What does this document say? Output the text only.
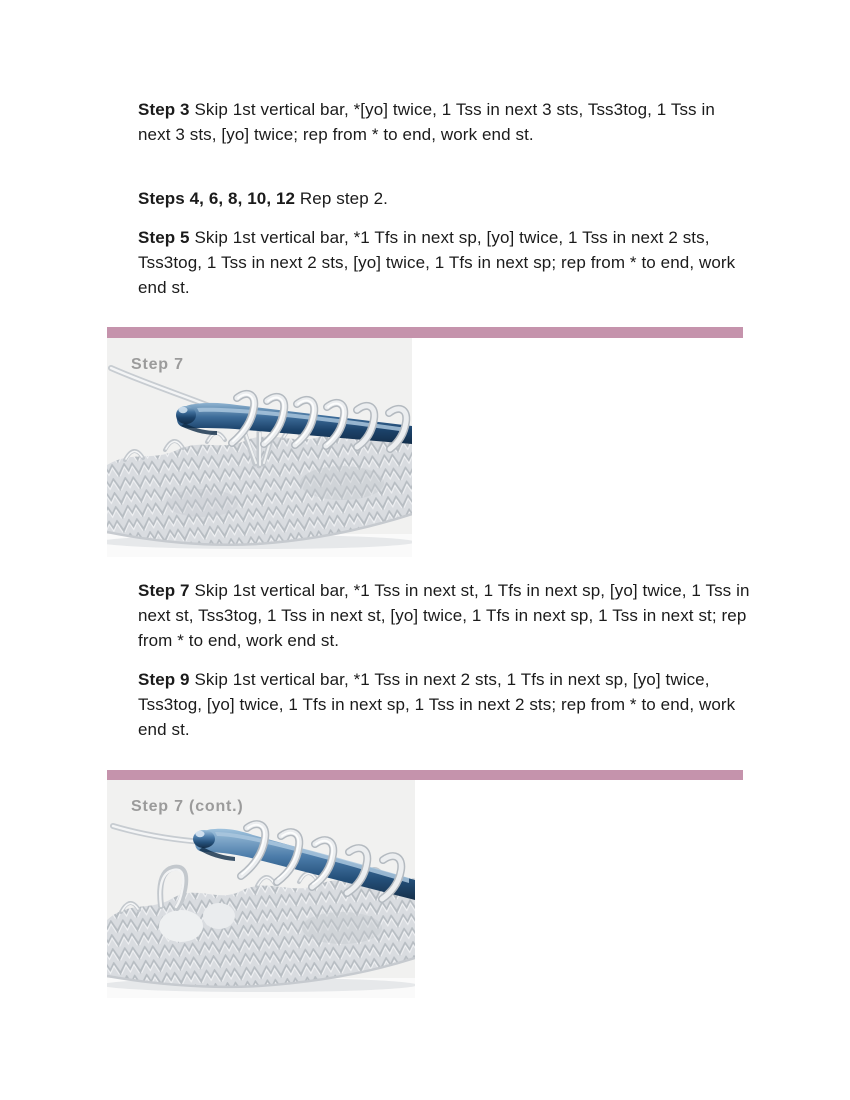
Step 3 Skip 1st vertical bar, *[yo] twice, 1 Tss in next 3 sts, Tss3tog, 1 Tss in next 3 sts, [yo] twice; rep from * to end, work end st.

Steps 4, 6, 8, 10, 12 Rep step 2.

Step 5 Skip 1st vertical bar, *1 Tfs in next sp, [yo] twice, 1 Tss in next 2 sts, Tss3tog, 1 Tss in next 2 sts, [yo] twice, 1 Tfs in next sp; rep from * to end, work end st.

Step 7

Step 7 Skip 1st vertical bar, *1 Tss in next st, 1 Tfs in next sp, [yo] twice, 1 Tss in next st, Tss3tog, 1 Tss in next st, [yo] twice, 1 Tfs in next sp, 1 Tss in next st; rep from * to end, work end st.

Step 9 Skip 1st vertical bar, *1 Tss in next 2 sts, 1 Tfs in next sp, [yo] twice, Tss3tog, [yo] twice, 1 Tfs in next sp, 1 Tss in next 2 sts; rep from * to end, work end st.

Step 7 (cont.)
